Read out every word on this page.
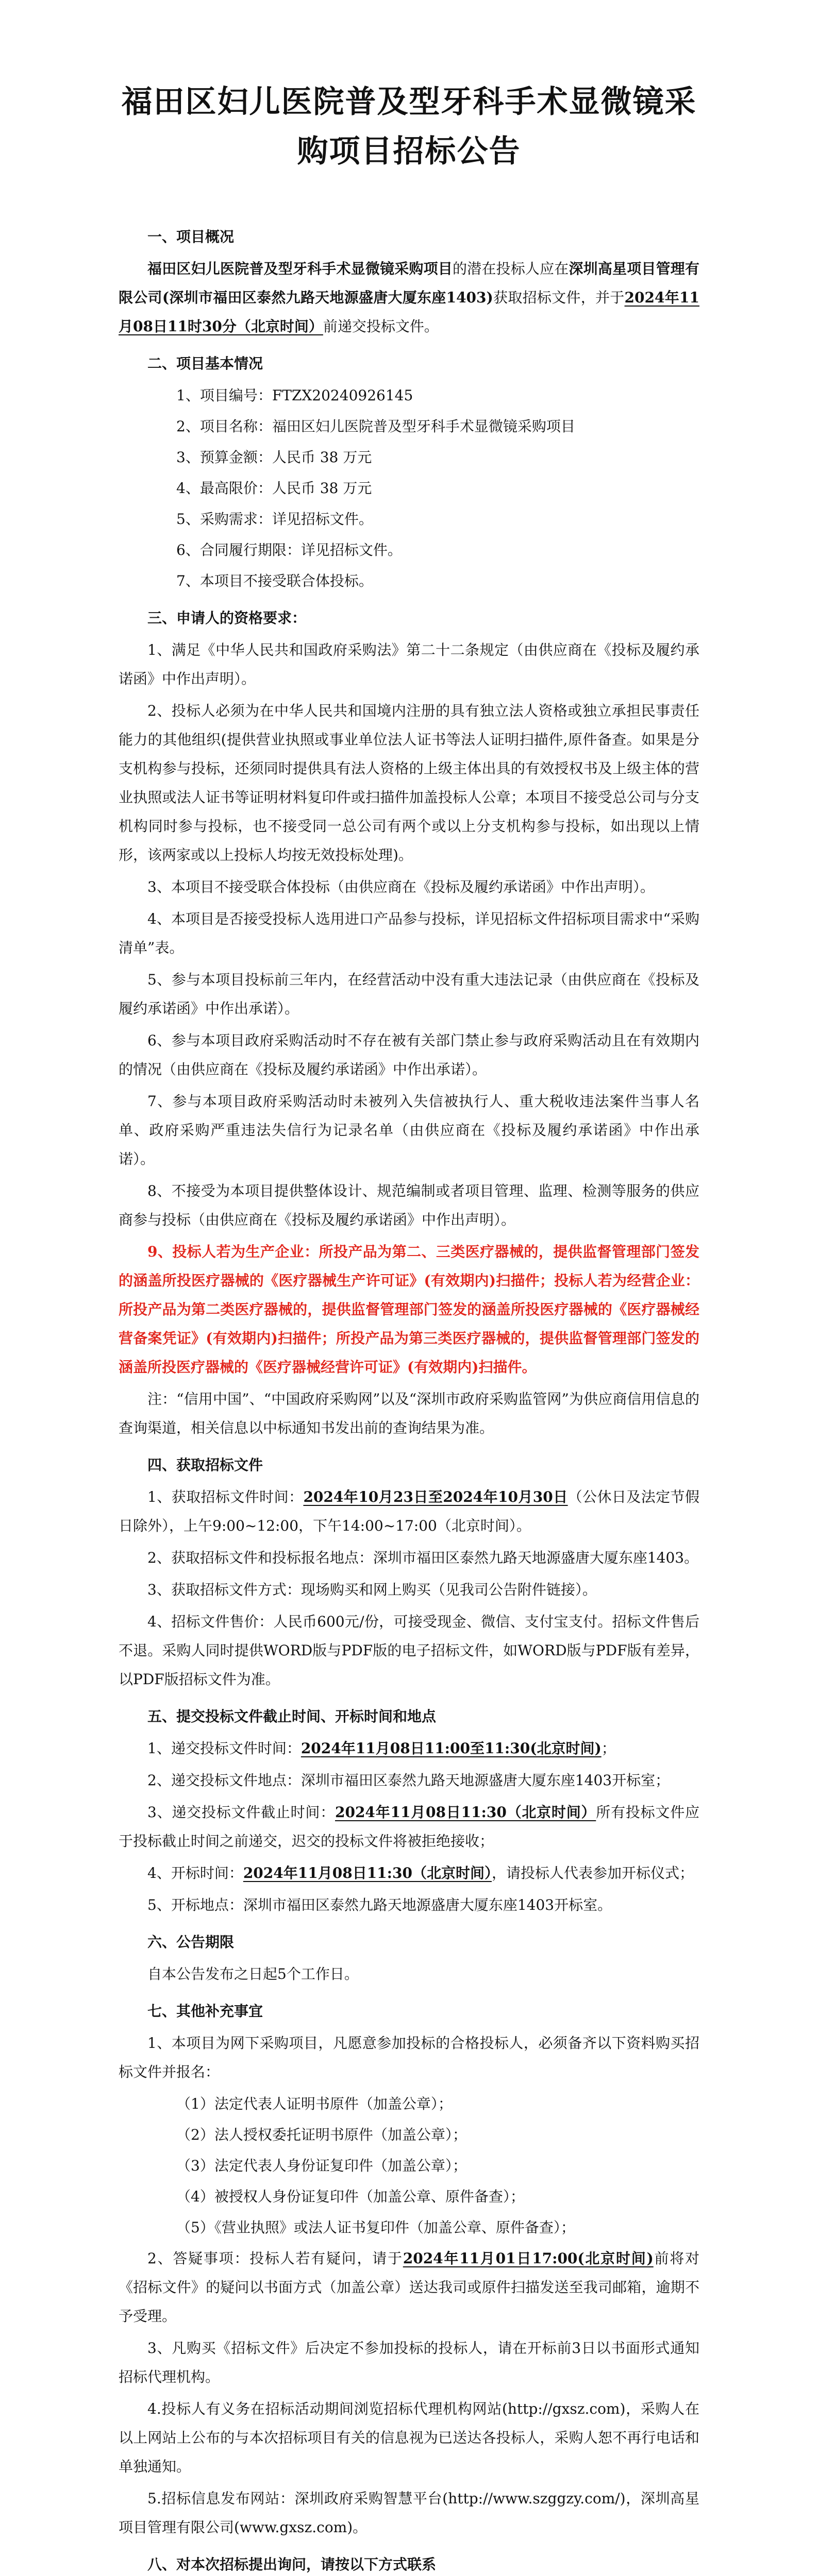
福田区妇儿医院普及型牙科手术显微镜采
购项目招标公告
一、项目概况

福田区妇儿医院普及型牙科手术显微镜采购项目的潜在投标人应在深圳高星项目管理有限公司(深圳市福田区泰然九路天地源盛唐大厦东座1403)获取招标文件，并于2024年11月08日11时30分（北京时间）前递交投标文件。

二、项目基本情况
1、项目编号：FTZX20240926145
2、项目名称：福田区妇儿医院普及型牙科手术显微镜采购项目
3、预算金额：人民币 38 万元
4、最高限价：人民币 38 万元
5、采购需求：详见招标文件。
6、合同履行期限：详见招标文件。
7、本项目不接受联合体投标。
三、申请人的资格要求：

1、满足《中华人民共和国政府采购法》第二十二条规定（由供应商在《投标及履约承诺函》中作出声明）。

2、投标人必须为在中华人民共和国境内注册的具有独立法人资格或独立承担民事责任能力的其他组织(提供营业执照或事业单位法人证书等法人证明扫描件,原件备查。如果是分支机构参与投标，还须同时提供具有法人资格的上级主体出具的有效授权书及上级主体的营业执照或法人证书等证明材料复印件或扫描件加盖投标人公章；本项目不接受总公司与分支机构同时参与投标，也不接受同一总公司有两个或以上分支机构参与投标，如出现以上情形，该两家或以上投标人均按无效投标处理)。

3、本项目不接受联合体投标（由供应商在《投标及履约承诺函》中作出声明）。

4、本项目是否接受投标人选用进口产品参与投标，详见招标文件招标项目需求中“采购清单”表。

5、参与本项目投标前三年内，在经营活动中没有重大违法记录（由供应商在《投标及履约承诺函》中作出承诺）。

6、参与本项目政府采购活动时不存在被有关部门禁止参与政府采购活动且在有效期内的情况（由供应商在《投标及履约承诺函》中作出承诺）。

7、参与本项目政府采购活动时未被列入失信被执行人、重大税收违法案件当事人名单、政府采购严重违法失信行为记录名单（由供应商在《投标及履约承诺函》中作出承诺）。

8、不接受为本项目提供整体设计、规范编制或者项目管理、监理、检测等服务的供应商参与投标（由供应商在《投标及履约承诺函》中作出声明）。

9、投标人若为生产企业：所投产品为第二、三类医疗器械的，提供监督管理部门签发的涵盖所投医疗器械的《医疗器械生产许可证》(有效期内)扫描件；投标人若为经营企业：所投产品为第二类医疗器械的，提供监督管理部门签发的涵盖所投医疗器械的《医疗器械经营备案凭证》(有效期内)扫描件；所投产品为第三类医疗器械的，提供监督管理部门签发的涵盖所投医疗器械的《医疗器械经营许可证》(有效期内)扫描件。

注：“信用中国”、“中国政府采购网”以及“深圳市政府采购监管网”为供应商信用信息的查询渠道，相关信息以中标通知书发出前的查询结果为准。

四、获取招标文件

1、获取招标文件时间：2024年10月23日至2024年10月30日（公休日及法定节假日除外），上午9:00~12:00，下午14:00~17:00（北京时间）。

2、获取招标文件和投标报名地点：深圳市福田区泰然九路天地源盛唐大厦东座1403。

3、获取招标文件方式：现场购买和网上购买（见我司公告附件链接）。

4、招标文件售价：人民币600元/份，可接受现金、微信、支付宝支付。招标文件售后不退。采购人同时提供WORD版与PDF版的电子招标文件，如WORD版与PDF版有差异，以PDF版招标文件为准。

五、提交投标文件截止时间、开标时间和地点

1、递交投标文件时间：2024年11月08日11:00至11:30(北京时间)；

2、递交投标文件地点：深圳市福田区泰然九路天地源盛唐大厦东座1403开标室；

3、递交投标文件截止时间：2024年11月08日11:30（北京时间）所有投标文件应于投标截止时间之前递交，迟交的投标文件将被拒绝接收；

4、开标时间：2024年11月08日11:30（北京时间），请投标人代表参加开标仪式；

5、开标地点：深圳市福田区泰然九路天地源盛唐大厦东座1403开标室。

六、公告期限

自本公告发布之日起5个工作日。

七、其他补充事宜

1、本项目为网下采购项目，凡愿意参加投标的合格投标人，必须备齐以下资料购买招标文件并报名：

（1）法定代表人证明书原件（加盖公章）；
（2）法人授权委托证明书原件（加盖公章）；
（3）法定代表人身份证复印件（加盖公章）；
（4）被授权人身份证复印件（加盖公章、原件备查）；
（5）《营业执照》或法人证书复印件（加盖公章、原件备查）；

2、答疑事项：投标人若有疑问，请于2024年11月01日17:00(北京时间)前将对《招标文件》的疑问以书面方式（加盖公章）送达我司或原件扫描发送至我司邮箱，逾期不予受理。

3、凡购买《招标文件》后决定不参加投标的投标人，请在开标前3日以书面形式通知招标代理机构。

4.投标人有义务在招标活动期间浏览招标代理机构网站(http://gxsz.com)，采购人在以上网站上公布的与本次招标项目有关的信息视为已送达各投标人，采购人恕不再行电话和单独通知。

5.招标信息发布网站：深圳政府采购智慧平台(http://www.szggzy.com/)，深圳高星项目管理有限公司(www.gxsz.com)。

八、对本次招标提出询问，请按以下方式联系
